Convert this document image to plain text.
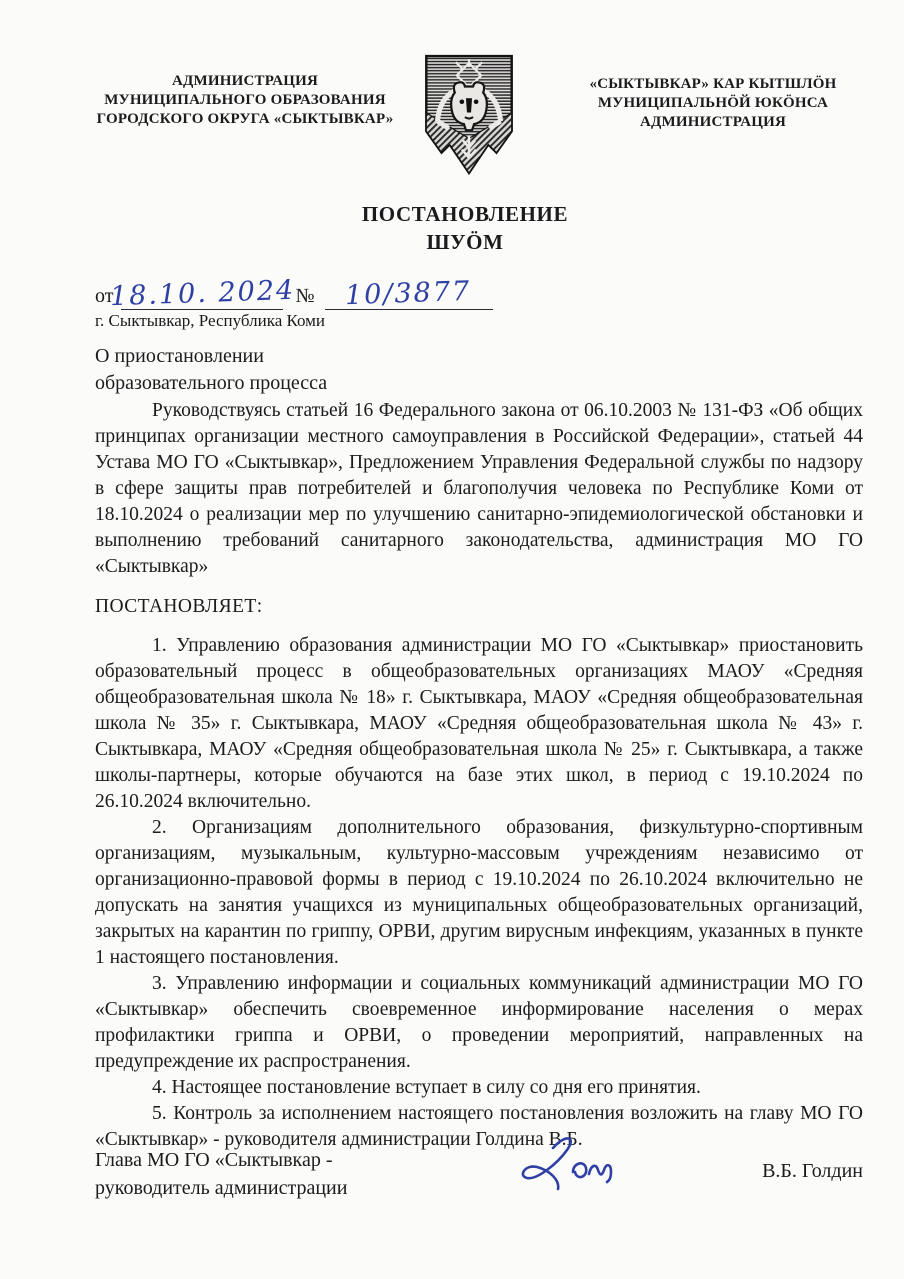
АДМИНИСТРАЦИЯ
МУНИЦИПАЛЬНОГО ОБРАЗОВАНИЯ
ГОРОДСКОГО ОКРУГА «СЫКТЫВКАР»
«СЫКТЫВКАР» КАР КЫТШЛӦН
МУНИЦИПАЛЬНӦЙ ЮКӦНСА
АДМИНИСТРАЦИЯ
ПОСТАНОВЛЕНИЕ
ШУӦМ
от
18.10. 2024 № 10/3877
г. Сыктывкар, Республика Коми
О приостановлении
образовательного процесса

Руководствуясь статьей 16 Федерального закона от 06.10.2003 № 131-ФЗ «Об общих принципах организации местного самоуправления в Российской Федерации», статьей 44 Устава МО ГО «Сыктывкар», Предложением Управления Федеральной службы по надзору в сфере защиты прав потребителей и благополучия человека по Республике Коми от 18.10.2024 о реализации мер по улучшению санитарно-эпидемиологической обстановки и выполнению требований санитарного законодательства, администрация МО ГО «Сыктывкар»

ПОСТАНОВЛЯЕТ:

1. Управлению образования администрации МО ГО «Сыктывкар» приостановить образовательный процесс в общеобразовательных организациях МАОУ «Средняя общеобразовательная школа № 18» г. Сыктывкара, МАОУ «Средняя общеобразовательная школа № 35» г. Сыктывкара, МАОУ «Средняя общеобразовательная школа № 43» г. Сыктывкара, МАОУ «Средняя общеобразовательная школа № 25» г. Сыктывкара, а также школы-партнеры, которые обучаются на базе этих школ, в период с 19.10.2024 по 26.10.2024 включительно.

2. Организациям дополнительного образования, физкультурно-спортивным организациям, музыкальным, культурно-массовым учреждениям независимо от организационно-правовой формы в период с 19.10.2024 по 26.10.2024 включительно не допускать на занятия учащихся из муниципальных общеобразовательных организаций, закрытых на карантин по гриппу, ОРВИ, другим вирусным инфекциям, указанных в пункте 1 настоящего постановления.

3. Управлению информации и социальных коммуникаций администрации МО ГО «Сыктывкар» обеспечить своевременное информирование населения о мерах профилактики гриппа и ОРВИ, о проведении мероприятий, направленных на предупреждение их распространения.

4. Настоящее постановление вступает в силу со дня его принятия.

5. Контроль за исполнением настоящего постановления возложить на главу МО ГО «Сыктывкар» - руководителя администрации Голдина В.Б.

Глава МО ГО «Сыктывкар -
руководитель администрации
В.Б. Голдин
